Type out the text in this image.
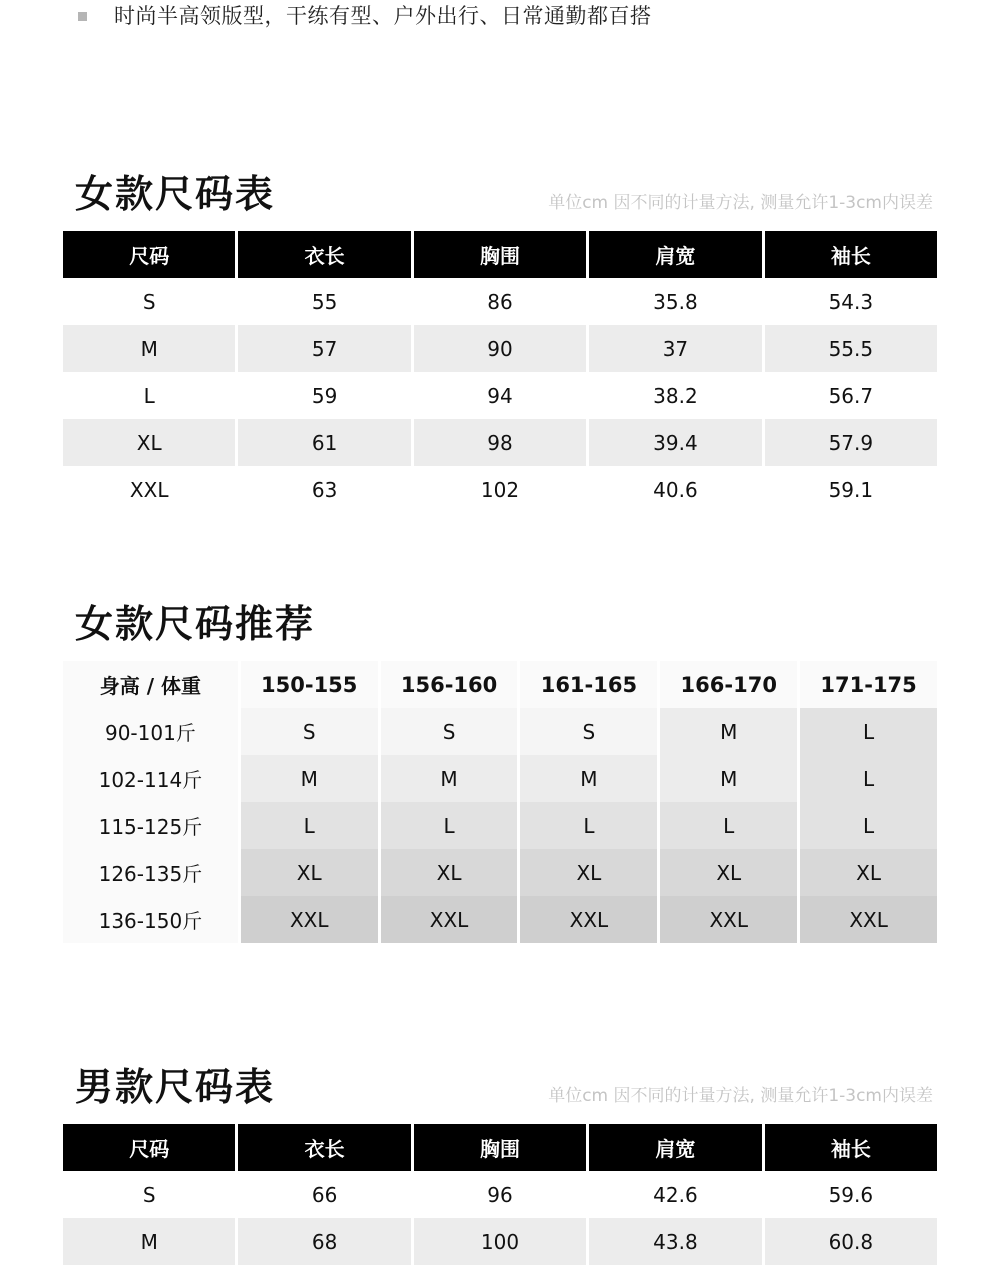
时尚半高领版型，干练有型、户外出行、日常通勤都百搭
女款尺码表	单位cm 因不同的计量方法, 测量允许1-3cm内误差
尺码	衣长	胸围	肩宽	袖长
S	55	86	35.8	54.3
M	57	90	37	55.5
L	59	94	38.2	56.7
XL	61	98	39.4	57.9
XXL	63	102	40.6	59.1
女款尺码推荐
身高 / 体重	150-155	156-160	161-165	166-170	171-175
90-101斤	S	S	S	M	L
102-114斤	M	M	M	M	L
115-125斤	L	L	L	L	L
126-135斤	XL	XL	XL	XL	XL
136-150斤	XXL	XXL	XXL	XXL	XXL
男款尺码表	单位cm 因不同的计量方法, 测量允许1-3cm内误差
尺码	衣长	胸围	肩宽	袖长
S	66	96	42.6	59.6
M	68	100	43.8	60.8
